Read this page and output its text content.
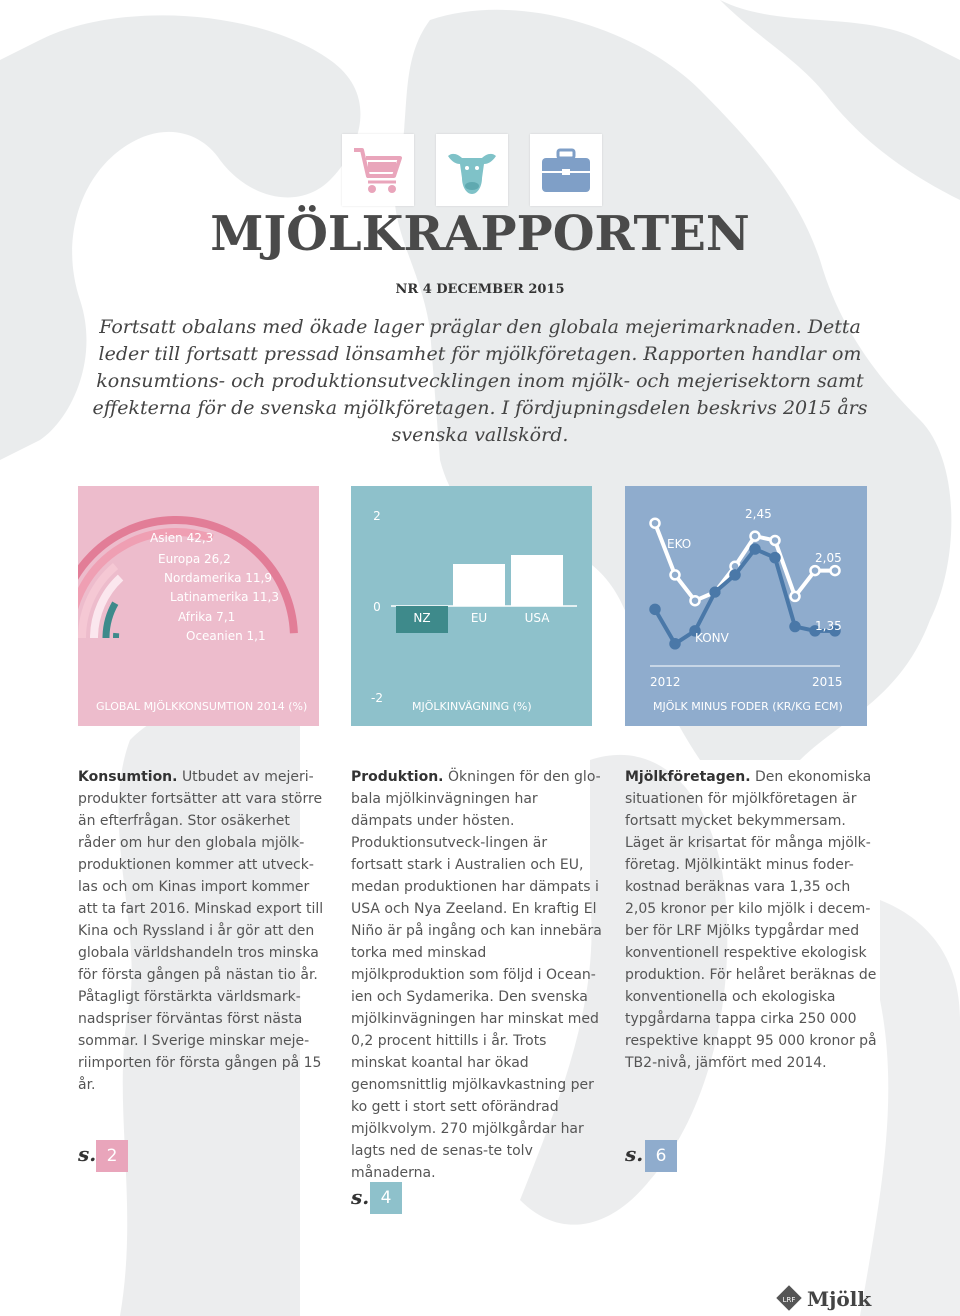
MJÖLKRAPPORTEN
NR 4 DECEMBER 2015
Fortsatt obalans med ökade lager präglar den globala mejerimarknaden. Detta leder till fortsatt pressad lönsamhet för mjölkföretagen. Rapporten handlar om konsumtions- och produktionsutvecklingen inom mjölk- och mejerisektorn samt effekterna för de svenska mjölkföretagen. I fördjupningsdelen beskrivs 2015 års svenska vallskörd.
Asien 42,3
Europa 26,2
Nordamerika 11,9
Latinamerika 11,3
Afrika 7,1
Oceanien 1,1
GLOBAL MJÖLKKONSUMTION 2014 (%)
2
0
-2
NZ	EU	USA
MJÖLKINVÄGNING (%)
EKO
KONV
2,45
2,05
1,35
2012	2015
MJÖLK MINUS FODER (KR/KG ECM)
Konsumtion. Utbudet av mejeri-produkter fortsätter att vara större än efterfrågan. Stor osäkerhet råder om hur den globala mjölk-produktionen kommer att utveck-las och om Kinas import kommer att ta fart 2016. Minskad export till Kina och Ryssland i år gör att den globala världshandeln tros minska för första gången på nästan tio år. Påtagligt förstärkta världsmark-nadspriser förväntas först nästa sommar. I Sverige minskar meje-riimporten för första gången på 15 år.
Produktion. Ökningen för den glo-bala mjölkinvägningen har dämpats under hösten. Produktionsutveck-lingen är fortsatt stark i Australien och EU, medan produktionen har dämpats i USA och Nya Zeeland. En kraftig El Niño är på ingång och kan innebära torka med minskad mjölkproduktion som följd i Ocean-ien och Sydamerika. Den svenska mjölkinvägningen har minskat med 0,2 procent hittills i år. Trots minskat koantal har ökad genomsnittlig mjölkavkastning per ko gett i stort sett oförändrad mjölkvolym. 270 mjölkgårdar har lagts ned de senas-te tolv månaderna.
Mjölkföretagen. Den ekonomiska situationen för mjölkföretagen är fortsatt mycket bekymmersam. Läget är krisartat för många mjölk-företag. Mjölkintäkt minus foder-kostnad beräknas vara 1,35 och 2,05 kronor per kilo mjölk i decem-ber för LRF Mjölks typgårdar med konventionell respektive ekologisk produktion. För helåret beräknas de konventionella och ekologiska typgårdarna tappa cirka 250 000 respektive knappt 95 000 kronor på TB2-nivå, jämfört med 2014.
s. 2
s. 4
s. 6
LRF Mjölk
